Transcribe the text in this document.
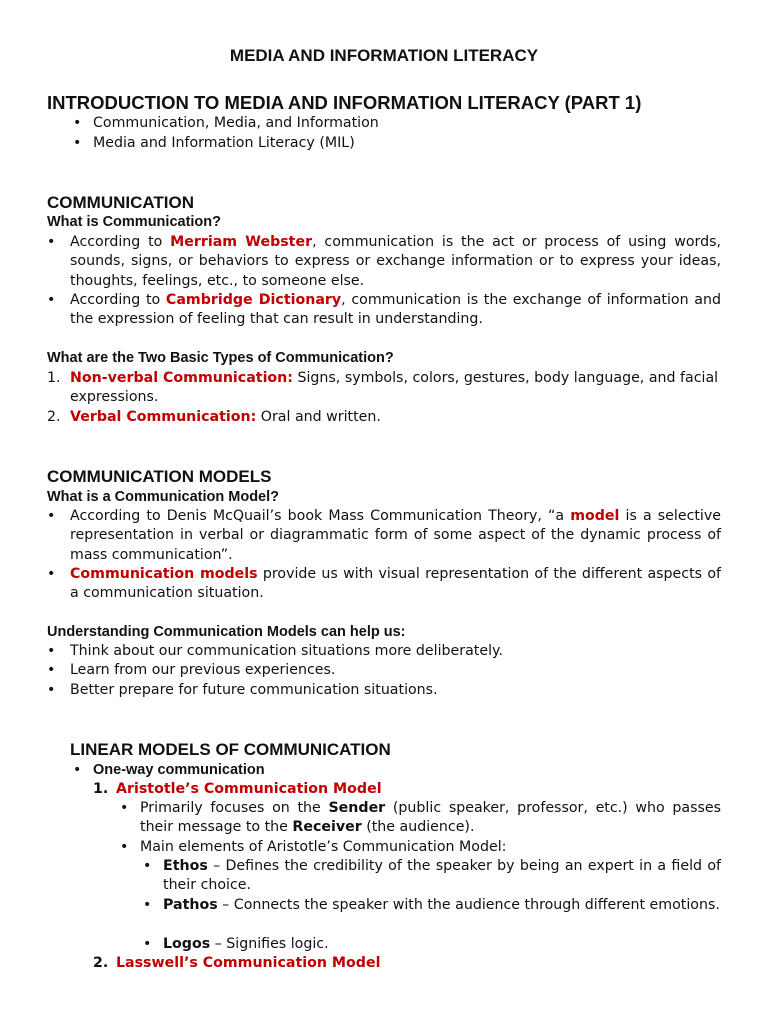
MEDIA AND INFORMATION LITERACY
INTRODUCTION TO MEDIA AND INFORMATION LITERACY (PART 1)
• Communication, Media, and Information
• Media and Information Literacy (MIL)
COMMUNICATION
What is Communication?
• According to Merriam Webster, communication is the act or process of using words, sounds, signs, or behaviors to express or exchange information or to express your ideas, thoughts, feelings, etc., to someone else.
• According to Cambridge Dictionary, communication is the exchange of information and the expression of feeling that can result in understanding.
What are the Two Basic Types of Communication?
1. Non-verbal Communication: Signs, symbols, colors, gestures, body language, and facial expressions.
2. Verbal Communication: Oral and written.
COMMUNICATION MODELS
What is a Communication Model?
• According to Denis McQuail’s book Mass Communication Theory, “a model is a selective representation in verbal or diagrammatic form of some aspect of the dynamic process of mass communication”.
• Communication models provide us with visual representation of the different aspects of a communication situation.
Understanding Communication Models can help us:
• Think about our communication situations more deliberately.
• Learn from our previous experiences.
• Better prepare for future communication situations.
LINEAR MODELS OF COMMUNICATION
• One-way communication
1. Aristotle’s Communication Model
• Primarily focuses on the Sender (public speaker, professor, etc.) who passes their message to the Receiver (the audience).
• Main elements of Aristotle’s Communication Model:
• Ethos – Defines the credibility of the speaker by being an expert in a field of their choice.
• Pathos – Connects the speaker with the audience through different emotions.
• Logos – Signifies logic.
2. Lasswell’s Communication Model
